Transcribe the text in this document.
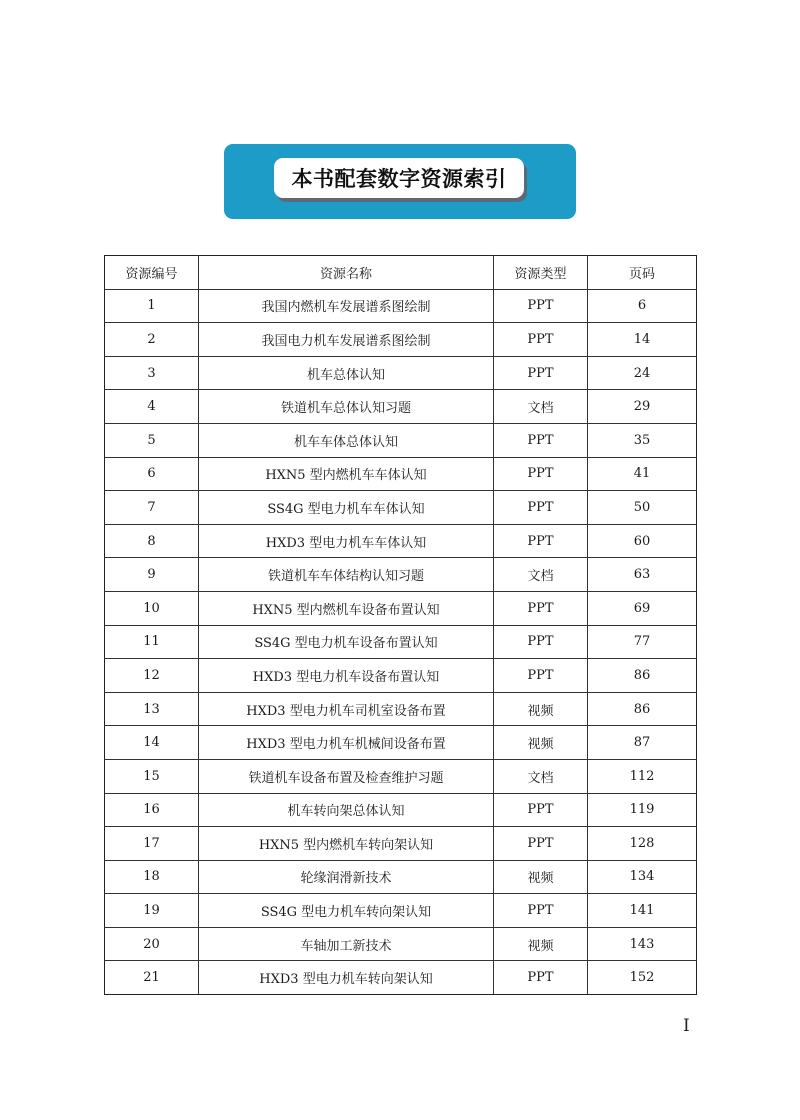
本书配套数字资源索引
资源编号	资源名称	资源类型	页码
1	我国内燃机车发展谱系图绘制	PPT	6
2	我国电力机车发展谱系图绘制	PPT	14
3	机车总体认知	PPT	24
4	铁道机车总体认知习题	文档	29
5	机车车体总体认知	PPT	35
6	HXN5 型内燃机车车体认知	PPT	41
7	SS4G 型电力机车车体认知	PPT	50
8	HXD3 型电力机车车体认知	PPT	60
9	铁道机车车体结构认知习题	文档	63
10	HXN5 型内燃机车设备布置认知	PPT	69
11	SS4G 型电力机车设备布置认知	PPT	77
12	HXD3 型电力机车设备布置认知	PPT	86
13	HXD3 型电力机车司机室设备布置	视频	86
14	HXD3 型电力机车机械间设备布置	视频	87
15	铁道机车设备布置及检查维护习题	文档	112
16	机车转向架总体认知	PPT	119
17	HXN5 型内燃机车转向架认知	PPT	128
18	轮缘润滑新技术	视频	134
19	SS4G 型电力机车转向架认知	PPT	141
20	车轴加工新技术	视频	143
21	HXD3 型电力机车转向架认知	PPT	152
I
